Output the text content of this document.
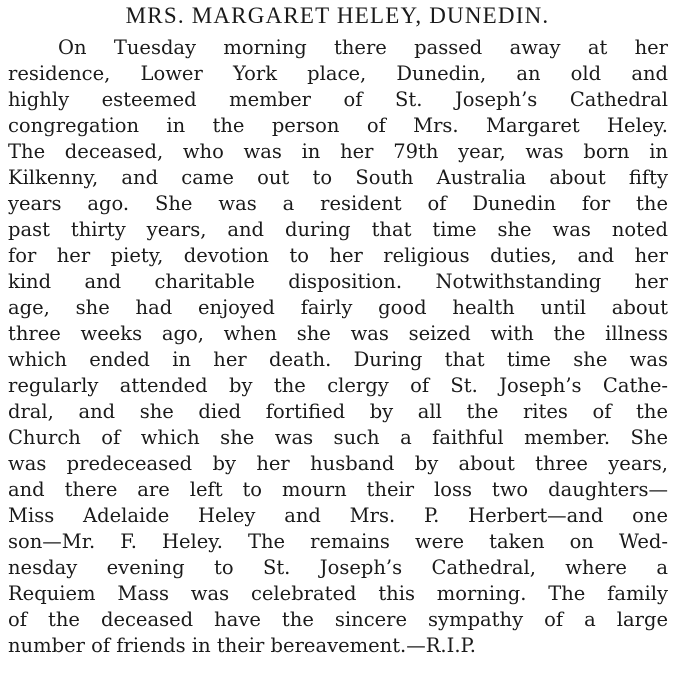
MRS. MARGARET HELEY, DUNEDIN.
On Tuesday morning there passed away at her
residence, Lower York place, Dunedin, an old and
highly esteemed member of St. Joseph’s Cathedral
congregation in the person of Mrs. Margaret Heley.
The deceased, who was in her 79th year, was born in
Kilkenny, and came out to South Australia about fifty
years ago. She was a resident of Dunedin for the
past thirty years, and during that time she was noted
for her piety, devotion to her religious duties, and her
kind and charitable disposition. Notwithstanding her
age, she had enjoyed fairly good health until about
three weeks ago, when she was seized with the illness
which ended in her death. During that time she was
regularly attended by the clergy of St. Joseph’s Cathe-
dral, and she died fortified by all the rites of the
Church of which she was such a faithful member. She
was predeceased by her husband by about three years,
and there are left to mourn their loss two daughters—
Miss Adelaide Heley and Mrs. P. Herbert—and one
son—Mr. F. Heley. The remains were taken on Wed-
nesday evening to St. Joseph’s Cathedral, where a
Requiem Mass was celebrated this morning. The family
of the deceased have the sincere sympathy of a large
number of friends in their bereavement.—R.I.P.
